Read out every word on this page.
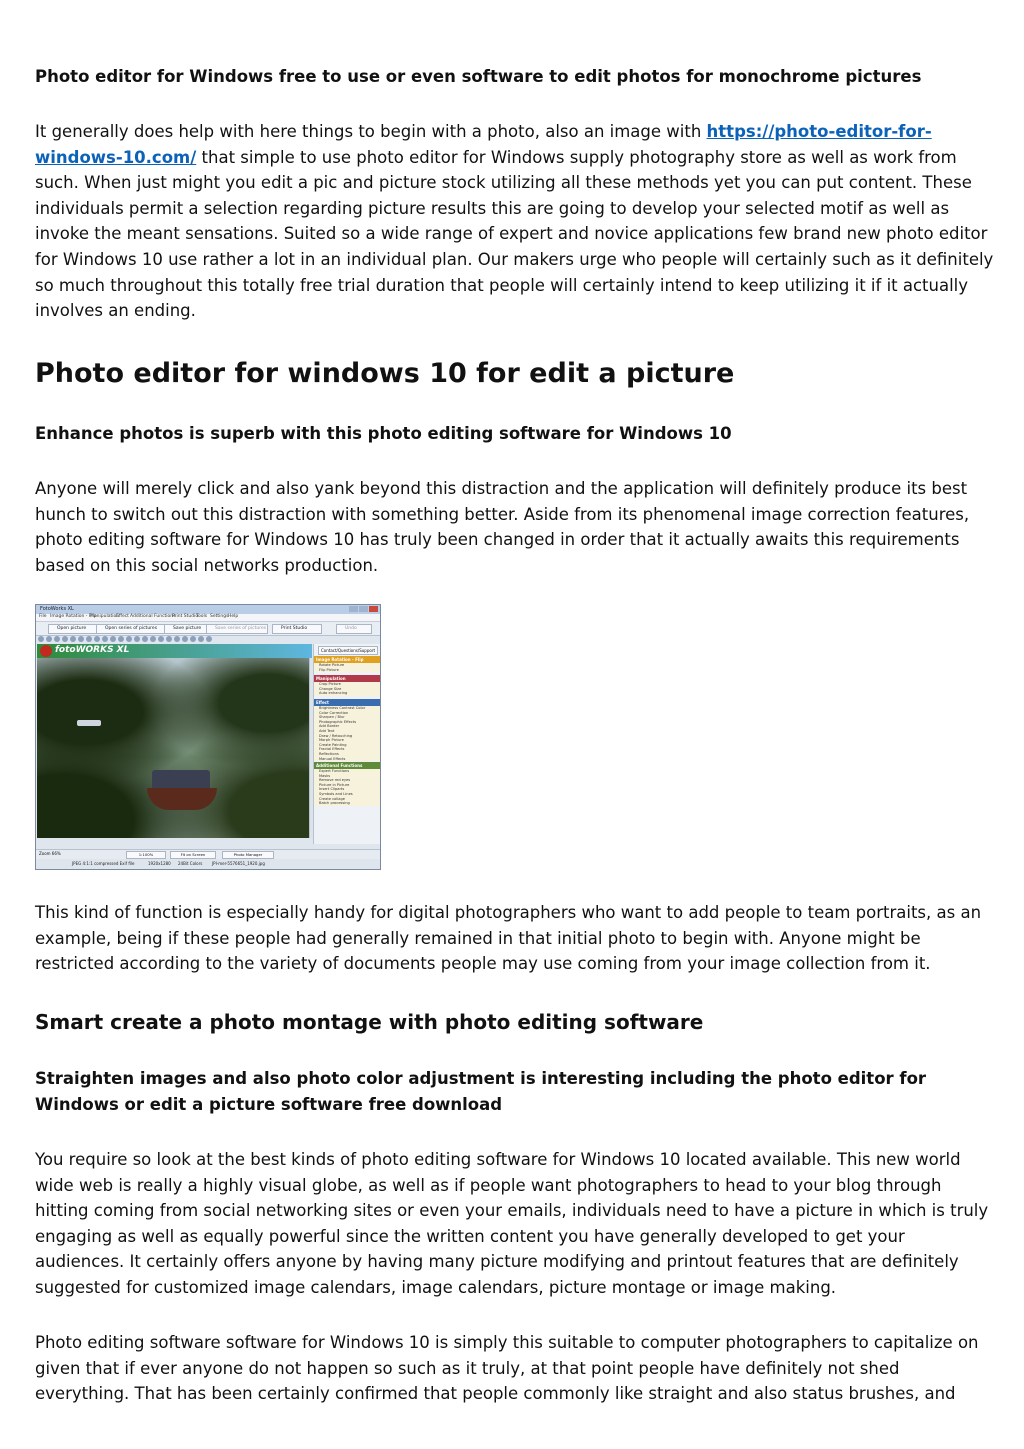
Photo editor for Windows free to use or even software to edit photos for monochrome pictures

It generally does help with here things to begin with a photo, also an image with https://photo-editor-for-windows-10.com/ that simple to use photo editor for Windows supply photography store as well as work from such. When just might you edit a pic and picture stock utilizing all these methods yet you can put content. These individuals permit a selection regarding picture results this are going to develop your selected motif as well as invoke the meant sensations. Suited so a wide range of expert and novice applications few brand new photo editor for Windows 10 use rather a lot in an individual plan. Our makers urge who people will certainly such as it definitely so much throughout this totally free trial duration that people will certainly intend to keep utilizing it if it actually involves an ending.

Photo editor for windows 10 for edit a picture
Enhance photos is superb with this photo editing software for Windows 10

Anyone will merely click and also yank beyond this distraction and the application will definitely produce its best hunch to switch out this distraction with something better. Aside from its phenomenal image correction features, photo editing software for Windows 10 has truly been changed in order that it actually awaits this requirements based on this social networks production.

FotoWorks XL
File Image Rotation - Flip
Manipulation
Effect Additional Functions
Print Studio
Tools Settings Help
Open picture	Open series of pictures	Save picture	Save series of pictures	Print Studio	Undo
fotoWORKS XL	Contact/Questions/Support
Image Rotation - Flip
Rotate Picture
Flip Picture
Manipulation
Crop Picture
Change Size
Auto enhancing
Effect
Brightness Contrast Color
Color Correction
Sharpen / Blur
Photographic Effects
Add Border
Add Text
Draw / Retouching
Morph Picture
Create Painting
Fractal Effects
Reflections
Manual Effects
Additional Functions
Expert Functions
Masks
Remove red eyes
Picture in Picture
Insert Cliparts
Symbols and Lines
Create collage
Batch processing
Zoom 66%	1:100%	Fit on Screen	Photo Manager
JPEG 4:1:1 compressed Exif file	1920x1280 24Bit Colors JPI-mer-5576651_1920.jpg

This kind of function is especially handy for digital photographers who want to add people to team portraits, as an example, being if these people had generally remained in that initial photo to begin with. Anyone might be restricted according to the variety of documents people may use coming from your image collection from it.

Smart create a photo montage with photo editing software
Straighten images and also photo color adjustment is interesting including the photo editor for Windows or edit a picture software free download

You require so look at the best kinds of photo editing software for Windows 10 located available. This new world wide web is really a highly visual globe, as well as if people want photographers to head to your blog through hitting coming from social networking sites or even your emails, individuals need to have a picture in which is truly engaging as well as equally powerful since the written content you have generally developed to get your audiences. It certainly offers anyone by having many picture modifying and printout features that are definitely suggested for customized image calendars, image calendars, picture montage or image making.

Photo editing software software for Windows 10 is simply this suitable to computer photographers to capitalize on given that if ever anyone do not happen so such as it truly, at that point people have definitely not shed everything. That has been certainly confirmed that people commonly like straight and also status brushes, and
